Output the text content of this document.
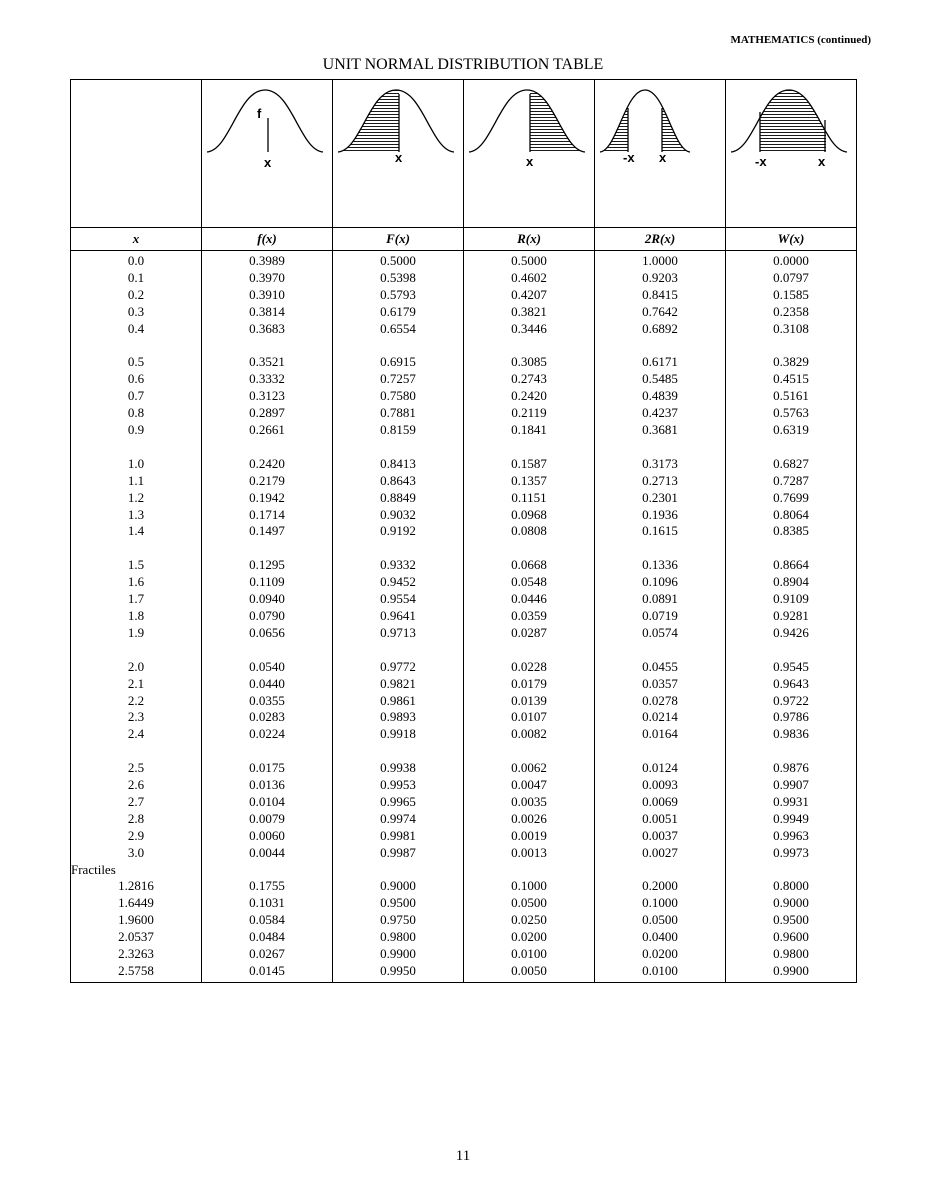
MATHEMATICS (continued)
UNIT NORMAL DISTRIBUTION TABLE

f
x	x	x	-x x	-x x

x	f(x)	F(x)	R(x)	2R(x)	W(x)

0.0	0.3989	0.5000	0.5000	1.0000	0.0000
0.1	0.3970	0.5398	0.4602	0.9203	0.0797
0.2	0.3910	0.5793	0.4207	0.8415	0.1585
0.3	0.3814	0.6179	0.3821	0.7642	0.2358
0.4	0.3683	0.6554	0.3446	0.6892	0.3108

0.5	0.3521	0.6915	0.3085	0.6171	0.3829
0.6	0.3332	0.7257	0.2743	0.5485	0.4515
0.7	0.3123	0.7580	0.2420	0.4839	0.5161
0.8	0.2897	0.7881	0.2119	0.4237	0.5763
0.9	0.2661	0.8159	0.1841	0.3681	0.6319

1.0	0.2420	0.8413	0.1587	0.3173	0.6827
1.1	0.2179	0.8643	0.1357	0.2713	0.7287
1.2	0.1942	0.8849	0.1151	0.2301	0.7699
1.3	0.1714	0.9032	0.0968	0.1936	0.8064
1.4	0.1497	0.9192	0.0808	0.1615	0.8385

1.5	0.1295	0.9332	0.0668	0.1336	0.8664
1.6	0.1109	0.9452	0.0548	0.1096	0.8904
1.7	0.0940	0.9554	0.0446	0.0891	0.9109
1.8	0.0790	0.9641	0.0359	0.0719	0.9281
1.9	0.0656	0.9713	0.0287	0.0574	0.9426

2.0	0.0540	0.9772	0.0228	0.0455	0.9545
2.1	0.0440	0.9821	0.0179	0.0357	0.9643
2.2	0.0355	0.9861	0.0139	0.0278	0.9722
2.3	0.0283	0.9893	0.0107	0.0214	0.9786
2.4	0.0224	0.9918	0.0082	0.0164	0.9836

2.5	0.0175	0.9938	0.0062	0.0124	0.9876
2.6	0.0136	0.9953	0.0047	0.0093	0.9907
2.7	0.0104	0.9965	0.0035	0.0069	0.9931
2.8	0.0079	0.9974	0.0026	0.0051	0.9949
2.9	0.0060	0.9981	0.0019	0.0037	0.9963
3.0	0.0044	0.9987	0.0013	0.0027	0.9973
Fractiles					
1.2816	0.1755	0.9000	0.1000	0.2000	0.8000
1.6449	0.1031	0.9500	0.0500	0.1000	0.9000
1.9600	0.0584	0.9750	0.0250	0.0500	0.9500
2.0537	0.0484	0.9800	0.0200	0.0400	0.9600
2.3263	0.0267	0.9900	0.0100	0.0200	0.9800
2.5758	0.0145	0.9950	0.0050	0.0100	0.9900

11
